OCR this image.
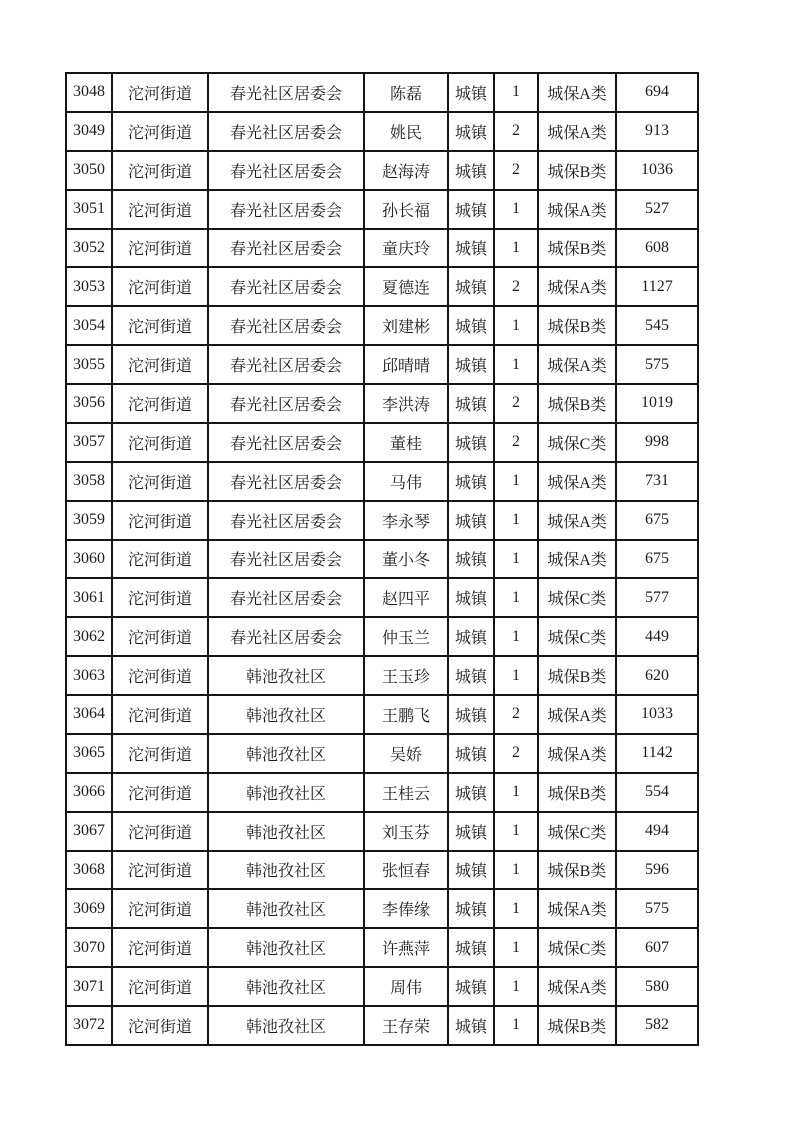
3048	沱河街道	春光社区居委会	陈磊	城镇	1	城保A类	694
3049	沱河街道	春光社区居委会	姚民	城镇	2	城保A类	913
3050	沱河街道	春光社区居委会	赵海涛	城镇	2	城保B类	1036
3051	沱河街道	春光社区居委会	孙长福	城镇	1	城保A类	527
3052	沱河街道	春光社区居委会	童庆玲	城镇	1	城保B类	608
3053	沱河街道	春光社区居委会	夏德连	城镇	2	城保A类	1127
3054	沱河街道	春光社区居委会	刘建彬	城镇	1	城保B类	545
3055	沱河街道	春光社区居委会	邱晴晴	城镇	1	城保A类	575
3056	沱河街道	春光社区居委会	李洪涛	城镇	2	城保B类	1019
3057	沱河街道	春光社区居委会	董桂	城镇	2	城保C类	998
3058	沱河街道	春光社区居委会	马伟	城镇	1	城保A类	731
3059	沱河街道	春光社区居委会	李永琴	城镇	1	城保A类	675
3060	沱河街道	春光社区居委会	董小冬	城镇	1	城保A类	675
3061	沱河街道	春光社区居委会	赵四平	城镇	1	城保C类	577
3062	沱河街道	春光社区居委会	仲玉兰	城镇	1	城保C类	449
3063	沱河街道	韩池孜社区	王玉珍	城镇	1	城保B类	620
3064	沱河街道	韩池孜社区	王鹏飞	城镇	2	城保A类	1033
3065	沱河街道	韩池孜社区	吴娇	城镇	2	城保A类	1142
3066	沱河街道	韩池孜社区	王桂云	城镇	1	城保B类	554
3067	沱河街道	韩池孜社区	刘玉芬	城镇	1	城保C类	494
3068	沱河街道	韩池孜社区	张恒春	城镇	1	城保B类	596
3069	沱河街道	韩池孜社区	李俸缘	城镇	1	城保A类	575
3070	沱河街道	韩池孜社区	许燕萍	城镇	1	城保C类	607
3071	沱河街道	韩池孜社区	周伟	城镇	1	城保A类	580
3072	沱河街道	韩池孜社区	王存荣	城镇	1	城保B类	582
